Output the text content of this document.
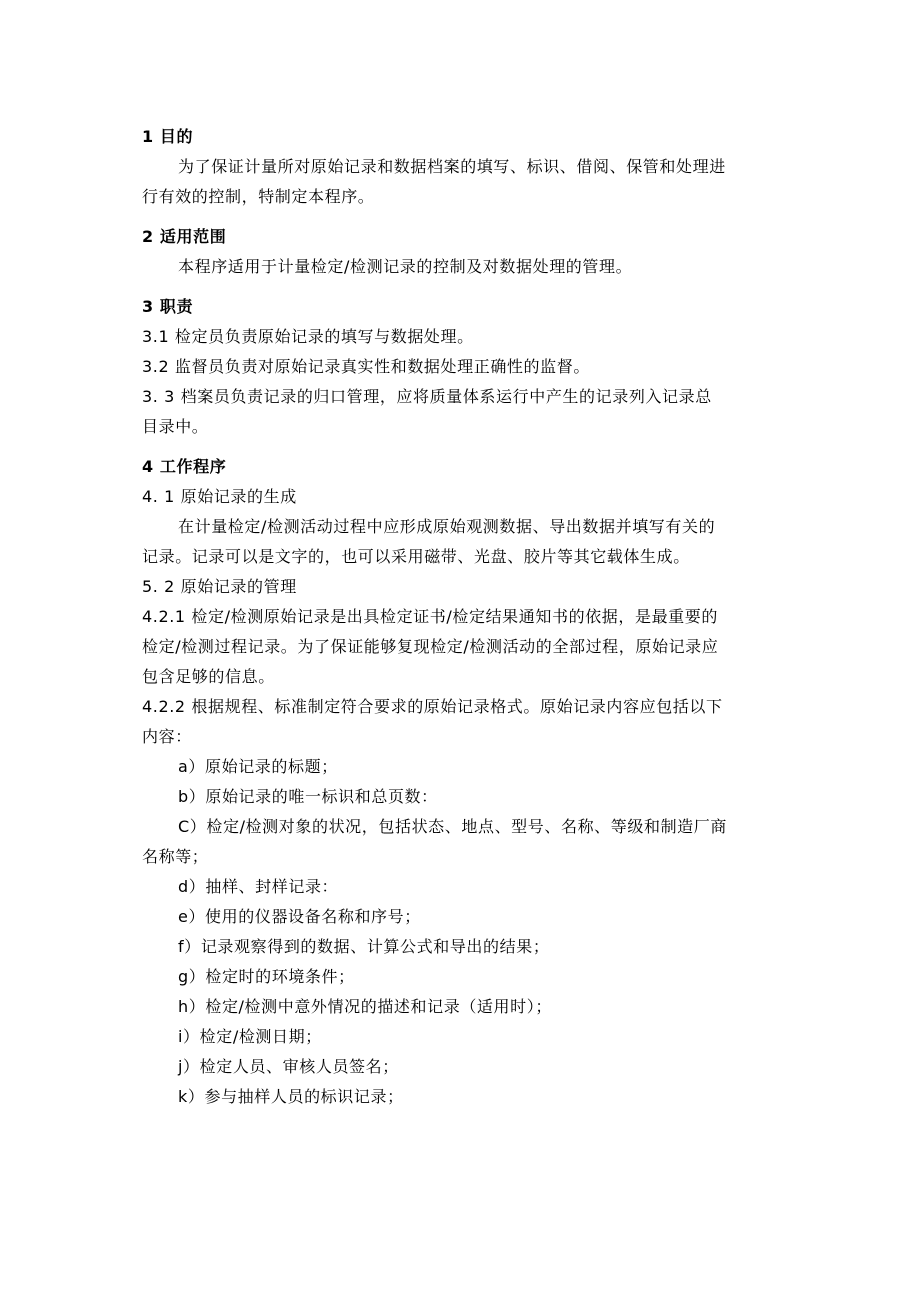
1 目的
为了保证计量所对原始记录和数据档案的填写、标识、借阅、保管和处理进
行有效的控制，特制定本程序。
2 适用范围
本程序适用于计量检定/检测记录的控制及对数据处理的管理。
3 职责
3.1 检定员负责原始记录的填写与数据处理。
3.2 监督员负责对原始记录真实性和数据处理正确性的监督。
3. 3 档案员负责记录的归口管理，应将质量体系运行中产生的记录列入记录总
目录中。
4 工作程序
4. 1 原始记录的生成
在计量检定/检测活动过程中应形成原始观测数据、导出数据并填写有关的
记录。记录可以是文字的，也可以采用磁带、光盘、胶片等其它载体生成。
5. 2 原始记录的管理
4.2.1 检定/检测原始记录是出具检定证书/检定结果通知书的依据，是最重要的
检定/检测过程记录。为了保证能够复现检定/检测活动的全部过程，原始记录应
包含足够的信息。
4.2.2 根据规程、标准制定符合要求的原始记录格式。原始记录内容应包括以下
内容：
a）原始记录的标题；
b）原始记录的唯一标识和总页数：
C）检定/检测对象的状况，包括状态、地点、型号、名称、等级和制造厂商
名称等；
d）抽样、封样记录：
e）使用的仪器设备名称和序号；
f）记录观察得到的数据、计算公式和导出的结果；
g）检定时的环境条件；
h）检定/检测中意外情况的描述和记录（适用时）；
i）检定/检测日期；
j）检定人员、审核人员签名；
k）参与抽样人员的标识记录；
